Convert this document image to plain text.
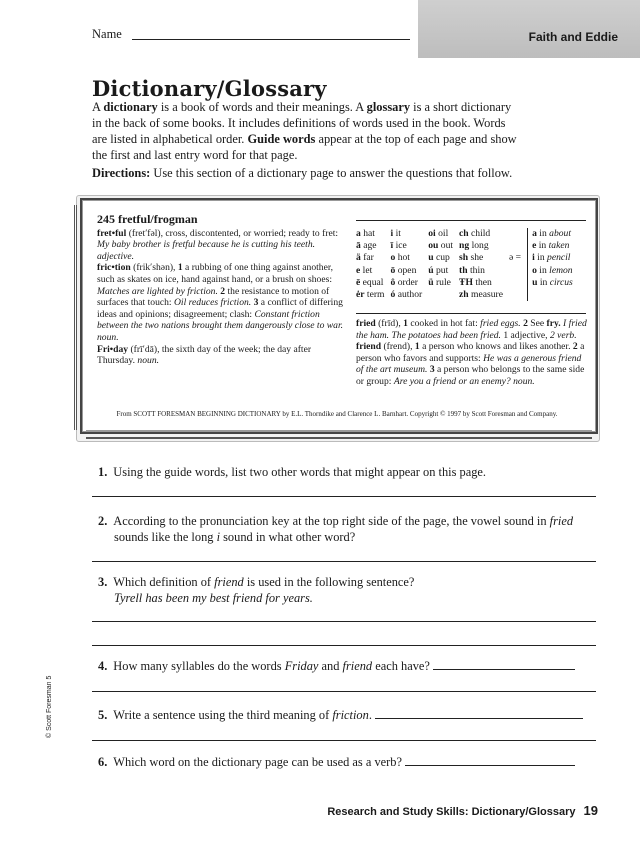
Name	Faith and Eddie
Dictionary/Glossary
A dictionary is a book of words and their meanings. A glossary is a short dictionary in the back of some books. It includes definitions of words used in the book. Words are listed in alphabetical order. Guide words appear at the top of each page and show the first and last entry word for that page.
Directions: Use this section of a dictionary page to answer the questions that follow.
245 fretful/frogman

fret•ful (fret′fəl), cross, discontented, or worried; ready to fret: My baby brother is fretful because he is cutting his teeth. adjective.

fric•tion (frik′shən), 1 a rubbing of one thing against another, such as skates on ice, hand against hand, or a brush on shoes: Matches are lighted by friction. 2 the resistance to motion of surfaces that touch: Oil reduces friction. 3 a conflict of differing ideas and opinions; disagreement; clash: Constant friction between the two nations brought them dangerously close to war. noun.

Fri•day (frī′dā), the sixth day of the week; the day after Thursday. noun.

a hat	i it	oi oil	ch child		a in about
ā age	ī ice	ou out	ng long		e in taken
ä far	o hot	u cup	sh she	ə =	i in pencil
e let	ō open	ú put	th thin		o in lemon
ē equal	ô order	ü rule	ŦH then		u in circus
ėr term	ó author		zh measure		

fried (frīd), 1 cooked in hot fat: fried eggs. 2 See fry. I fried the ham. The potatoes had been fried. 1 adjective, 2 verb.

friend (frend), 1 a person who knows and likes another. 2 a person who favors and supports: He was a generous friend of the art museum. 3 a person who belongs to the same side or group: Are you a friend or an enemy? noun.

From SCOTT FORESMAN BEGINNING DICTIONARY by E.L. Thorndike and Clarence L. Barnhart. Copyright © 1997 by Scott Foresman and Company.
1. Using the guide words, list two other words that might appear on this page.
2. According to the pronunciation key at the top right side of the page, the vowel sound in fried
sounds like the long i sound in what other word?
3. Which definition of friend is used in the following sentence?
Tyrell has been my best friend for years.
4. How many syllables do the words Friday and friend each have?
5. Write a sentence using the third meaning of friction.
6. Which word on the dictionary page can be used as a verb?
© Scott Foresman 5
Research and Study Skills: Dictionary/Glossary 19
